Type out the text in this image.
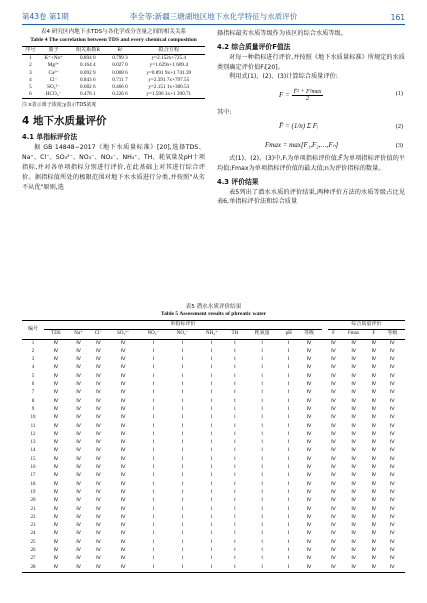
第43卷 第1期	李全等:新疆三塘湖地区地下水化学特征与水质评价	161
表4 研究区内地下水TDS与各化学成分含量之间的相关关系
Table 4 The correlation between TDS and every chemical composition
序号	离子	相关系数R	R²	拟合方程
1	K⁺+Na⁺	0.894 0	0.799 3	y=2.152x+725.4
2	Mg²⁺	0.164 4	0.027 0	y=1.629x+1 609.4
3	Ca²⁺	0.092 9	0.008 6	y=0.891 9x+1 741.39
4	Cl⁻	0.843 6	0.711 7	y=2.391 7x+797.55
5	SO₄²⁻	0.682 6	0.466 0	y=2.151 1x+380.53
6	HCO₃⁻	0.476 1	0.226 6	y=1.596 3x+1 390.71
注:x表示离子浓度;y表示TDS浓度
4 地下水质量评价
4.1 单指标评价法

据 GB 14848−2017《地下水质量标准》[20],选择TDS、Na⁺、Cl⁻、SO₄²⁻、NO₃⁻、NO₂⁻、NH₄⁺、TH、耗氧量及pH十项指标,并对各单项指标分别进行评价,在此基础上对其进行综合评价。据指标值所处的极限范围对地下水水质进行分类,并按照"从劣不从优"原则,选

择指标最劣水质等级作为该区的综合水质等级。

4.2 综合质量评价F值法

对每一种指标进行评价,并按照《地下水质量标准》所规定的水质类别确定评价值Fᵢ[20]。

利用式(1)、(2)、(3)计算综合质量评价:

$F = \frac{\text{F̄² + F²max}}{2}$	(1)

其中:

F̄ = (1/n) Σ Fᵢ	(2)
Fmax = max[F₁,F₂,…,Fₙ]	(3)

式(1)、(2)、(3)中,Fᵢ为单项指标评价值;F̄为单项指标评价值的平均值;Fmax为单项指标评价值的最大值;n为评价指标的数量。

4.3 评价结果

表5列出了潜水水质的评价结果,两种评价方法的水质等级占比见表6,单指标评价法和综合质量

表5 潜水水质评价结果
Table 5 Assessment results of phreatic water
编号	单指标评价												综合质量评价			
	TDS	Na⁺	Cl⁻	SO₄²⁻	NO₃⁻	NO₂⁻	NH₄⁺	TH	耗氧量	pH	等级		F̄	Fmax	F	等级
1	Ⅳ	Ⅳ	Ⅳ	Ⅳ	Ⅰ	Ⅰ	Ⅰ	Ⅰ	Ⅰ	Ⅰ	Ⅳ		Ⅳ	Ⅳ	Ⅳ	Ⅳ
2	Ⅳ	Ⅳ	Ⅳ	Ⅳ	Ⅰ	Ⅰ	Ⅰ	Ⅰ	Ⅰ	Ⅰ	Ⅳ		Ⅳ	Ⅳ	Ⅳ	Ⅳ
3	Ⅳ	Ⅳ	Ⅳ	Ⅳ	Ⅰ	Ⅰ	Ⅰ	Ⅰ	Ⅰ	Ⅰ	Ⅳ		Ⅳ	Ⅳ	Ⅳ	Ⅳ
4	Ⅳ	Ⅳ	Ⅳ	Ⅳ	Ⅰ	Ⅰ	Ⅰ	Ⅰ	Ⅰ	Ⅰ	Ⅳ		Ⅳ	Ⅳ	Ⅳ	Ⅳ
5	Ⅳ	Ⅳ	Ⅳ	Ⅳ	Ⅰ	Ⅰ	Ⅰ	Ⅰ	Ⅰ	Ⅰ	Ⅳ		Ⅳ	Ⅳ	Ⅳ	Ⅳ
6	Ⅳ	Ⅳ	Ⅳ	Ⅳ	Ⅰ	Ⅰ	Ⅰ	Ⅰ	Ⅰ	Ⅰ	Ⅳ		Ⅳ	Ⅳ	Ⅳ	Ⅳ
7	Ⅳ	Ⅳ	Ⅳ	Ⅳ	Ⅰ	Ⅰ	Ⅰ	Ⅰ	Ⅰ	Ⅰ	Ⅳ		Ⅳ	Ⅳ	Ⅳ	Ⅳ
8	Ⅳ	Ⅳ	Ⅳ	Ⅳ	Ⅰ	Ⅰ	Ⅰ	Ⅰ	Ⅰ	Ⅰ	Ⅳ		Ⅳ	Ⅳ	Ⅳ	Ⅳ
9	Ⅳ	Ⅳ	Ⅳ	Ⅳ	Ⅰ	Ⅰ	Ⅰ	Ⅰ	Ⅰ	Ⅰ	Ⅳ		Ⅳ	Ⅳ	Ⅳ	Ⅳ
10	Ⅳ	Ⅳ	Ⅳ	Ⅳ	Ⅰ	Ⅰ	Ⅰ	Ⅰ	Ⅰ	Ⅰ	Ⅳ		Ⅳ	Ⅳ	Ⅳ	Ⅳ
11	Ⅳ	Ⅳ	Ⅳ	Ⅳ	Ⅰ	Ⅰ	Ⅰ	Ⅰ	Ⅰ	Ⅰ	Ⅳ		Ⅳ	Ⅳ	Ⅳ	Ⅳ
12	Ⅳ	Ⅳ	Ⅳ	Ⅳ	Ⅰ	Ⅰ	Ⅰ	Ⅰ	Ⅰ	Ⅰ	Ⅳ		Ⅳ	Ⅳ	Ⅳ	Ⅳ
13	Ⅳ	Ⅳ	Ⅳ	Ⅳ	Ⅰ	Ⅰ	Ⅰ	Ⅰ	Ⅰ	Ⅰ	Ⅳ		Ⅳ	Ⅳ	Ⅳ	Ⅳ
14	Ⅳ	Ⅳ	Ⅳ	Ⅳ	Ⅰ	Ⅰ	Ⅰ	Ⅰ	Ⅰ	Ⅰ	Ⅳ		Ⅳ	Ⅳ	Ⅳ	Ⅳ
15	Ⅳ	Ⅳ	Ⅳ	Ⅳ	Ⅰ	Ⅰ	Ⅰ	Ⅰ	Ⅰ	Ⅰ	Ⅳ		Ⅳ	Ⅳ	Ⅳ	Ⅳ
16	Ⅳ	Ⅳ	Ⅳ	Ⅳ	Ⅰ	Ⅰ	Ⅰ	Ⅰ	Ⅰ	Ⅰ	Ⅳ		Ⅳ	Ⅳ	Ⅳ	Ⅳ
17	Ⅳ	Ⅳ	Ⅳ	Ⅳ	Ⅰ	Ⅰ	Ⅰ	Ⅰ	Ⅰ	Ⅰ	Ⅳ		Ⅳ	Ⅳ	Ⅳ	Ⅳ
18	Ⅳ	Ⅳ	Ⅳ	Ⅳ	Ⅰ	Ⅰ	Ⅰ	Ⅰ	Ⅰ	Ⅰ	Ⅳ		Ⅳ	Ⅳ	Ⅳ	Ⅳ
19	Ⅳ	Ⅳ	Ⅳ	Ⅳ	Ⅰ	Ⅰ	Ⅰ	Ⅰ	Ⅰ	Ⅰ	Ⅳ		Ⅳ	Ⅳ	Ⅳ	Ⅳ
20	Ⅳ	Ⅳ	Ⅳ	Ⅳ	Ⅰ	Ⅰ	Ⅰ	Ⅰ	Ⅰ	Ⅰ	Ⅳ		Ⅳ	Ⅳ	Ⅳ	Ⅳ
21	Ⅳ	Ⅳ	Ⅳ	Ⅳ	Ⅰ	Ⅰ	Ⅰ	Ⅰ	Ⅰ	Ⅰ	Ⅳ		Ⅳ	Ⅳ	Ⅳ	Ⅳ
22	Ⅳ	Ⅳ	Ⅳ	Ⅳ	Ⅰ	Ⅰ	Ⅰ	Ⅰ	Ⅰ	Ⅰ	Ⅳ		Ⅳ	Ⅳ	Ⅳ	Ⅳ
23	Ⅳ	Ⅳ	Ⅳ	Ⅳ	Ⅰ	Ⅰ	Ⅰ	Ⅰ	Ⅰ	Ⅰ	Ⅳ		Ⅳ	Ⅳ	Ⅳ	Ⅳ
24	Ⅳ	Ⅳ	Ⅳ	Ⅳ	Ⅰ	Ⅰ	Ⅰ	Ⅰ	Ⅰ	Ⅰ	Ⅳ		Ⅳ	Ⅳ	Ⅳ	Ⅳ
25	Ⅳ	Ⅳ	Ⅳ	Ⅳ	Ⅰ	Ⅰ	Ⅰ	Ⅰ	Ⅰ	Ⅰ	Ⅳ		Ⅳ	Ⅳ	Ⅳ	Ⅳ
26	Ⅳ	Ⅳ	Ⅳ	Ⅳ	Ⅰ	Ⅰ	Ⅰ	Ⅰ	Ⅰ	Ⅰ	Ⅳ		Ⅳ	Ⅳ	Ⅳ	Ⅳ
27	Ⅳ	Ⅳ	Ⅳ	Ⅳ	Ⅰ	Ⅰ	Ⅰ	Ⅰ	Ⅰ	Ⅰ	Ⅳ		Ⅳ	Ⅳ	Ⅳ	Ⅳ
28	Ⅳ	Ⅳ	Ⅳ	Ⅳ	Ⅰ	Ⅰ	Ⅰ	Ⅰ	Ⅰ	Ⅰ	Ⅳ		Ⅳ	Ⅳ	Ⅳ	Ⅳ
